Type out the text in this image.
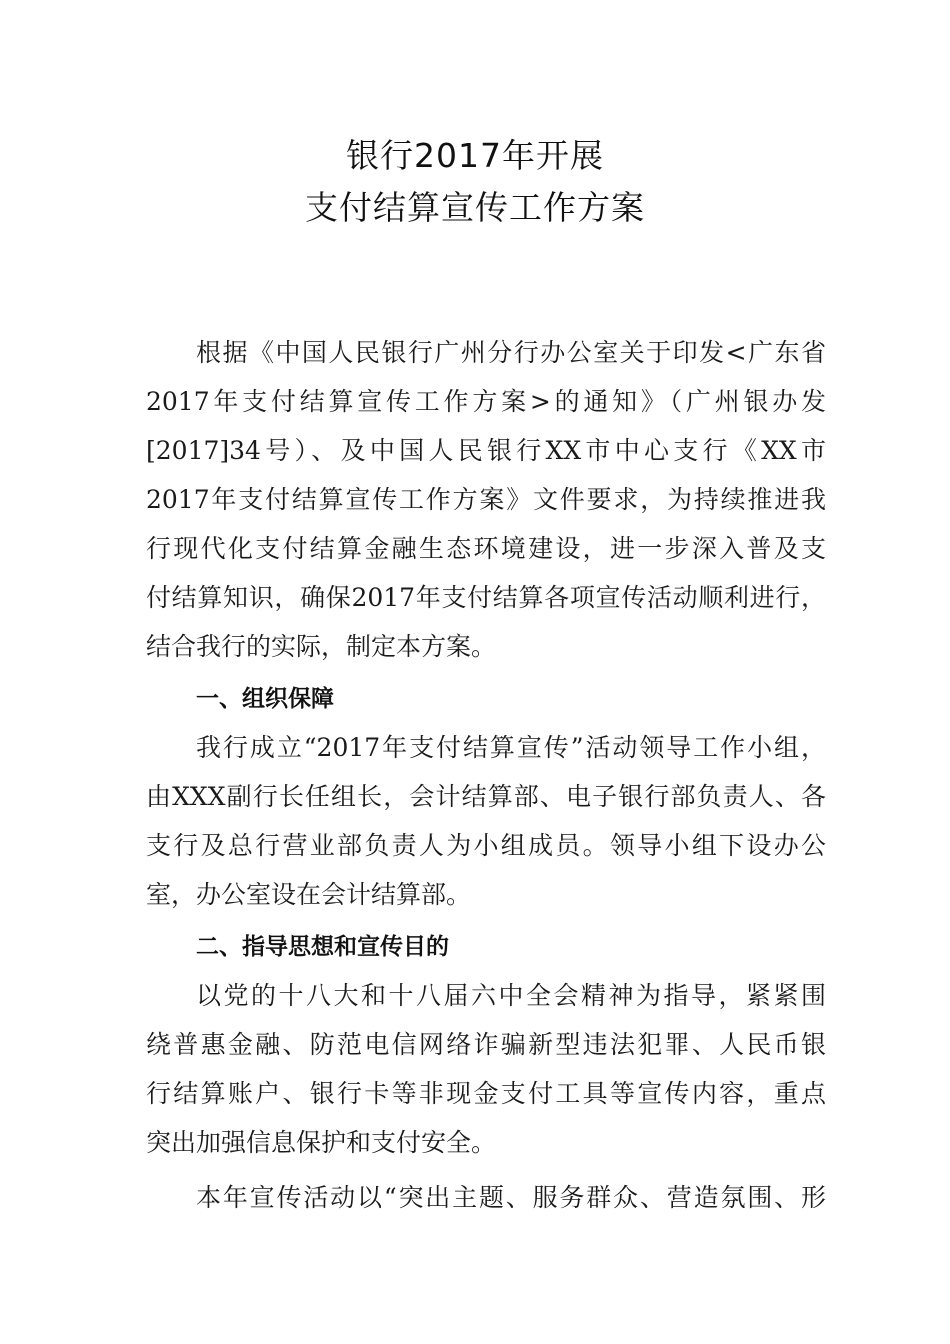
银行2017年开展
支付结算宣传工作方案
根据《中国人民银行广州分行办公室关于印发<广东省
2017年支付结算宣传工作方案>的通知》（广州银办发
[2017]34号）、及中国人民银行XX市中心支行《XX市
2017年支付结算宣传工作方案》文件要求，为持续推进我
行现代化支付结算金融生态环境建设，进一步深入普及支
付结算知识，确保2017年支付结算各项宣传活动顺利进行，
结合我行的实际，制定本方案。
一、组织保障
我行成立“2017年支付结算宣传”活动领导工作小组，
由XXX副行长任组长，会计结算部、电子银行部负责人、各
支行及总行营业部负责人为小组成员。领导小组下设办公
室，办公室设在会计结算部。
二、指导思想和宣传目的
以党的十八大和十八届六中全会精神为指导，紧紧围
绕普惠金融、防范电信网络诈骗新型违法犯罪、人民币银
行结算账户、银行卡等非现金支付工具等宣传内容，重点
突出加强信息保护和支付安全。
本年宣传活动以“突出主题、服务群众、营造氛围、形
